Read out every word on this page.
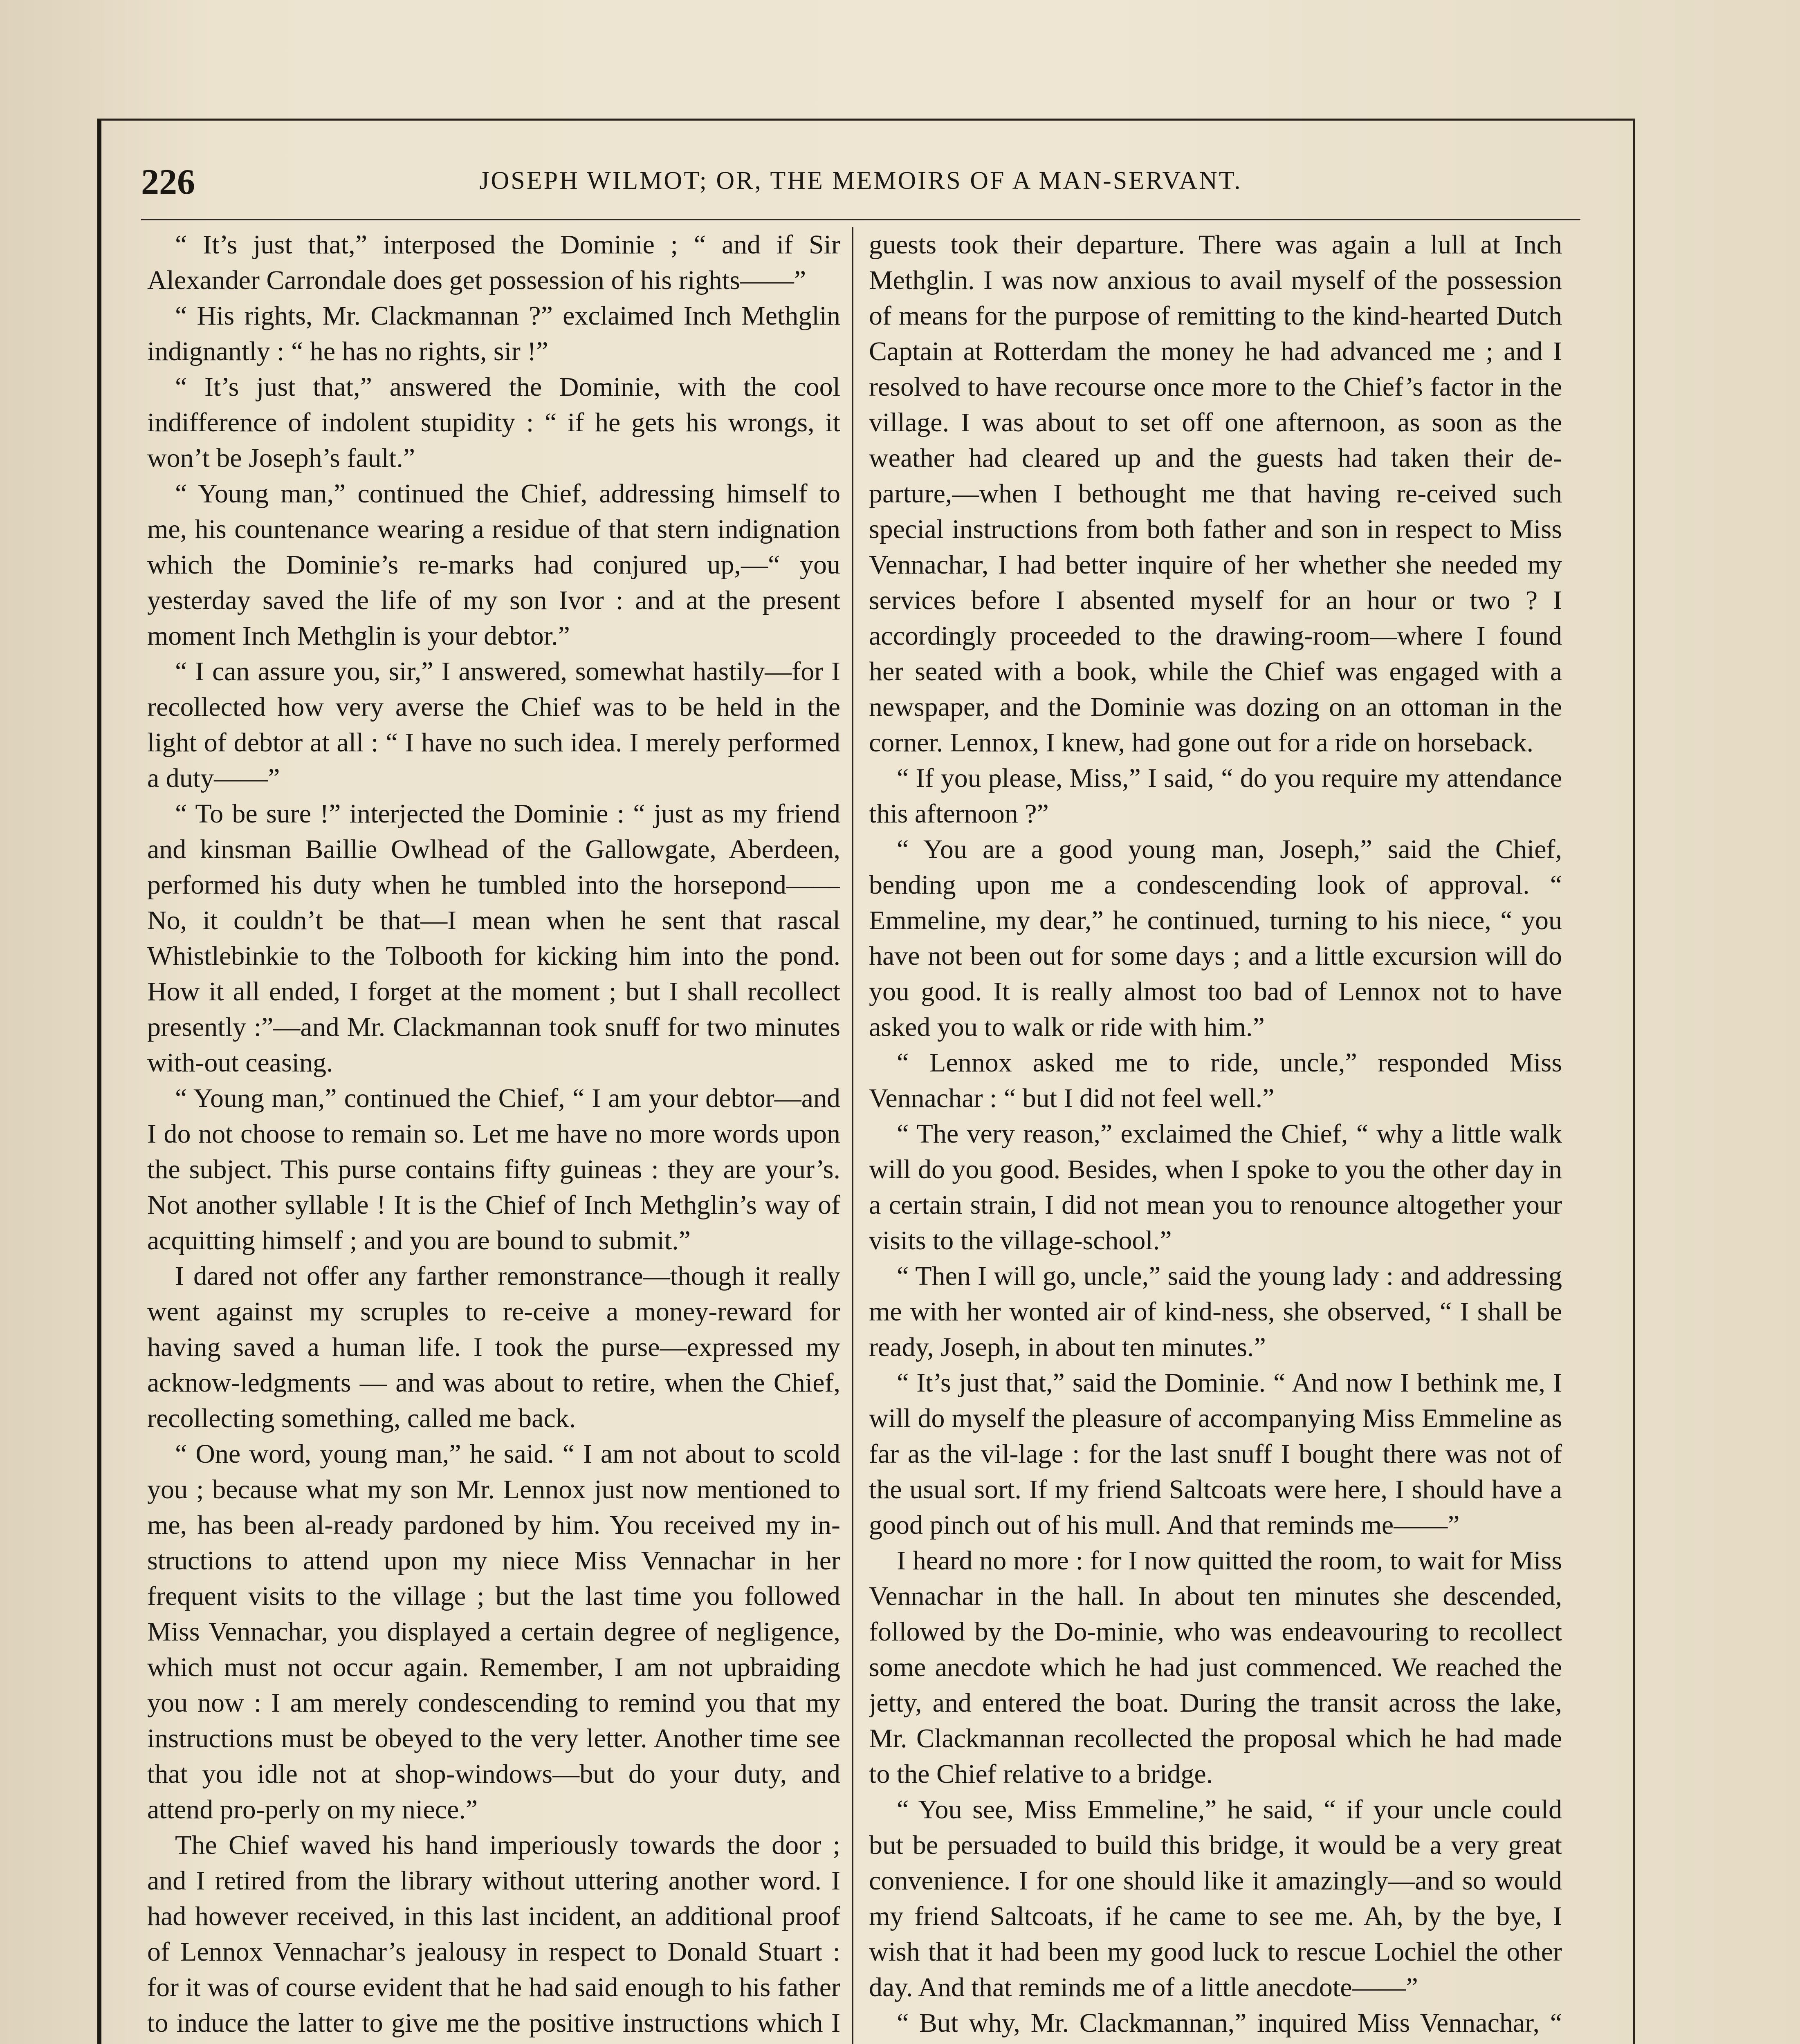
226	JOSEPH WILMOT; OR, THE MEMOIRS OF A MAN-SERVANT.

“ It’s just that,” interposed the Dominie ; “ and if Sir Alexander Carrondale does get possession of his rights——”

“ His rights, Mr. Clackmannan ?” exclaimed Inch Methglin indignantly : “ he has no rights, sir !”

“ It’s just that,” answered the Dominie, with the cool indifference of indolent stupidity : “ if he gets his wrongs, it won’t be Joseph’s fault.”

“ Young man,” continued the Chief, addressing himself to me, his countenance wearing a residue of that stern indignation which the Dominie’s re-marks had conjured up,—“ you yesterday saved the life of my son Ivor : and at the present moment Inch Methglin is your debtor.”

“ I can assure you, sir,” I answered, somewhat hastily—for I recollected how very averse the Chief was to be held in the light of debtor at all : “ I have no such idea. I merely performed a duty——”

“ To be sure !” interjected the Dominie : “ just as my friend and kinsman Baillie Owlhead of the Gallowgate, Aberdeen, performed his duty when he tumbled into the horsepond——No, it couldn’t be that—I mean when he sent that rascal Whistlebinkie to the Tolbooth for kicking him into the pond. How it all ended, I forget at the moment ; but I shall recollect presently :”—and Mr. Clackmannan took snuff for two minutes with-out ceasing.

“ Young man,” continued the Chief, “ I am your debtor—and I do not choose to remain so. Let me have no more words upon the subject. This purse contains fifty guineas : they are your’s. Not another syllable ! It is the Chief of Inch Methglin’s way of acquitting himself ; and you are bound to submit.”

I dared not offer any farther remonstrance—though it really went against my scruples to re-ceive a money-reward for having saved a human life. I took the purse—expressed my acknow-ledgments — and was about to retire, when the Chief, recollecting something, called me back.

“ One word, young man,” he said. “ I am not about to scold you ; because what my son Mr. Lennox just now mentioned to me, has been al-ready pardoned by him. You received my in-structions to attend upon my niece Miss Vennachar in her frequent visits to the village ; but the last time you followed Miss Vennachar, you displayed a certain degree of negligence, which must not occur again. Remember, I am not upbraiding you now : I am merely condescending to remind you that my instructions must be obeyed to the very letter. Another time see that you idle not at shop-windows—but do your duty, and attend pro-perly on my niece.”

The Chief waved his hand imperiously towards the door ; and I retired from the library without uttering another word. I had however received, in this last incident, an additional proof of Lennox Vennachar’s jealousy in respect to Donald Stuart : for it was of course evident that he had said enough to his father to induce the latter to give me the positive instructions which I

guests took their departure. There was again a lull at Inch Methglin. I was now anxious to avail myself of the possession of means for the purpose of remitting to the kind-hearted Dutch Captain at Rotterdam the money he had advanced me ; and I resolved to have recourse once more to the Chief’s factor in the village. I was about to set off one afternoon, as soon as the weather had cleared up and the guests had taken their de-parture,—when I bethought me that having re-ceived such special instructions from both father and son in respect to Miss Vennachar, I had better inquire of her whether she needed my services before I absented myself for an hour or two ? I accordingly proceeded to the drawing-room—where I found her seated with a book, while the Chief was engaged with a newspaper, and the Dominie was dozing on an ottoman in the corner. Lennox, I knew, had gone out for a ride on horseback.

“ If you please, Miss,” I said, “ do you require my attendance this afternoon ?”

“ You are a good young man, Joseph,” said the Chief, bending upon me a condescending look of approval. “ Emmeline, my dear,” he continued, turning to his niece, “ you have not been out for some days ; and a little excursion will do you good. It is really almost too bad of Lennox not to have asked you to walk or ride with him.”

“ Lennox asked me to ride, uncle,” responded Miss Vennachar : “ but I did not feel well.”

“ The very reason,” exclaimed the Chief, “ why a little walk will do you good. Besides, when I spoke to you the other day in a certain strain, I did not mean you to renounce altogether your visits to the village-school.”

“ Then I will go, uncle,” said the young lady : and addressing me with her wonted air of kind-ness, she observed, “ I shall be ready, Joseph, in about ten minutes.”

“ It’s just that,” said the Dominie. “ And now I bethink me, I will do myself the pleasure of accompanying Miss Emmeline as far as the vil-lage : for the last snuff I bought there was not of the usual sort. If my friend Saltcoats were here, I should have a good pinch out of his mull. And that reminds me——”

I heard no more : for I now quitted the room, to wait for Miss Vennachar in the hall. In about ten minutes she descended, followed by the Do-minie, who was endeavouring to recollect some anecdote which he had just commenced. We reached the jetty, and entered the boat. During the transit across the lake, Mr. Clackmannan recollected the proposal which he had made to the Chief relative to a bridge.

“ You see, Miss Emmeline,” he said, “ if your uncle could but be persuaded to build this bridge, it would be a very great convenience. I for one should like it amazingly—and so would my friend Saltcoats, if he came to see me. Ah, by the bye, I wish that it had been my good luck to rescue Lochiel the other day. And that reminds me of a little anecdote——”

“ But why, Mr. Clackmannan,” inquired Miss Vennachar, “
